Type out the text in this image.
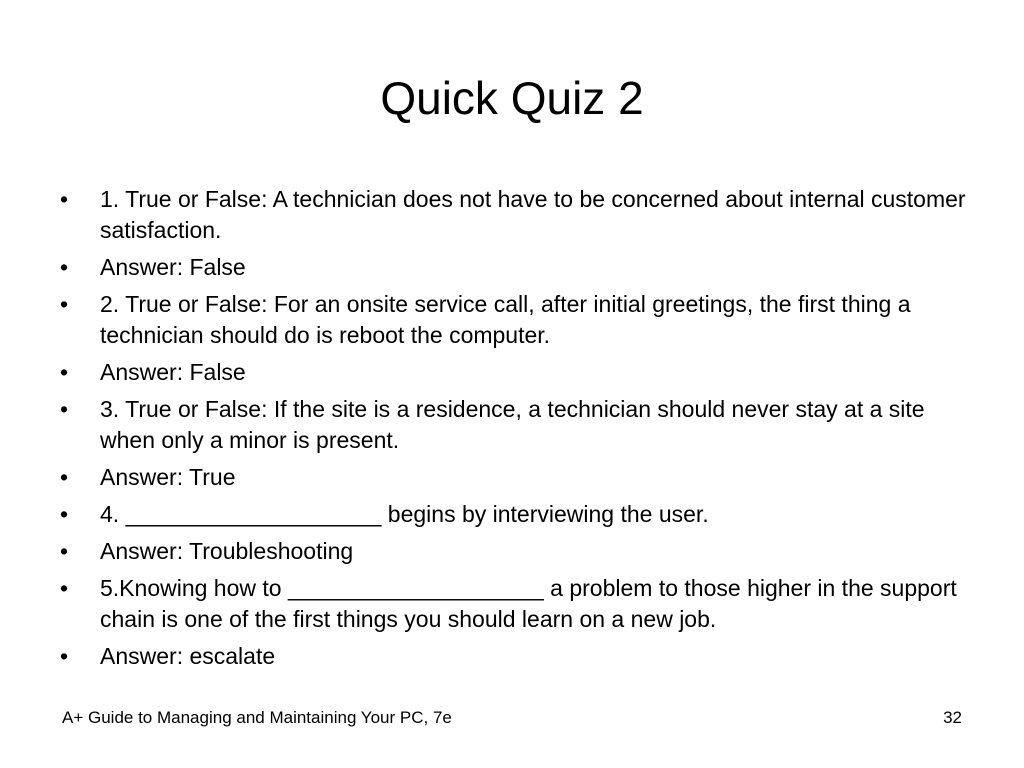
Quick Quiz 2
•	1. True or False: A technician does not have to be concerned about internal customer satisfaction.
•	Answer: False
•	2. True or False: For an onsite service call, after initial greetings, the first thing a technician should do is reboot the computer.
•	Answer: False
•	3. True or False: If the site is a residence, a technician should never stay at a site when only a minor is present.
•	Answer: True
•	4. ____________________ begins by interviewing the user.
•	Answer: Troubleshooting
•	5.Knowing how to ____________________ a problem to those higher in the support chain is one of the first things you should learn on a new job.
•	Answer: escalate
A+ Guide to Managing and Maintaining Your PC, 7e	32
